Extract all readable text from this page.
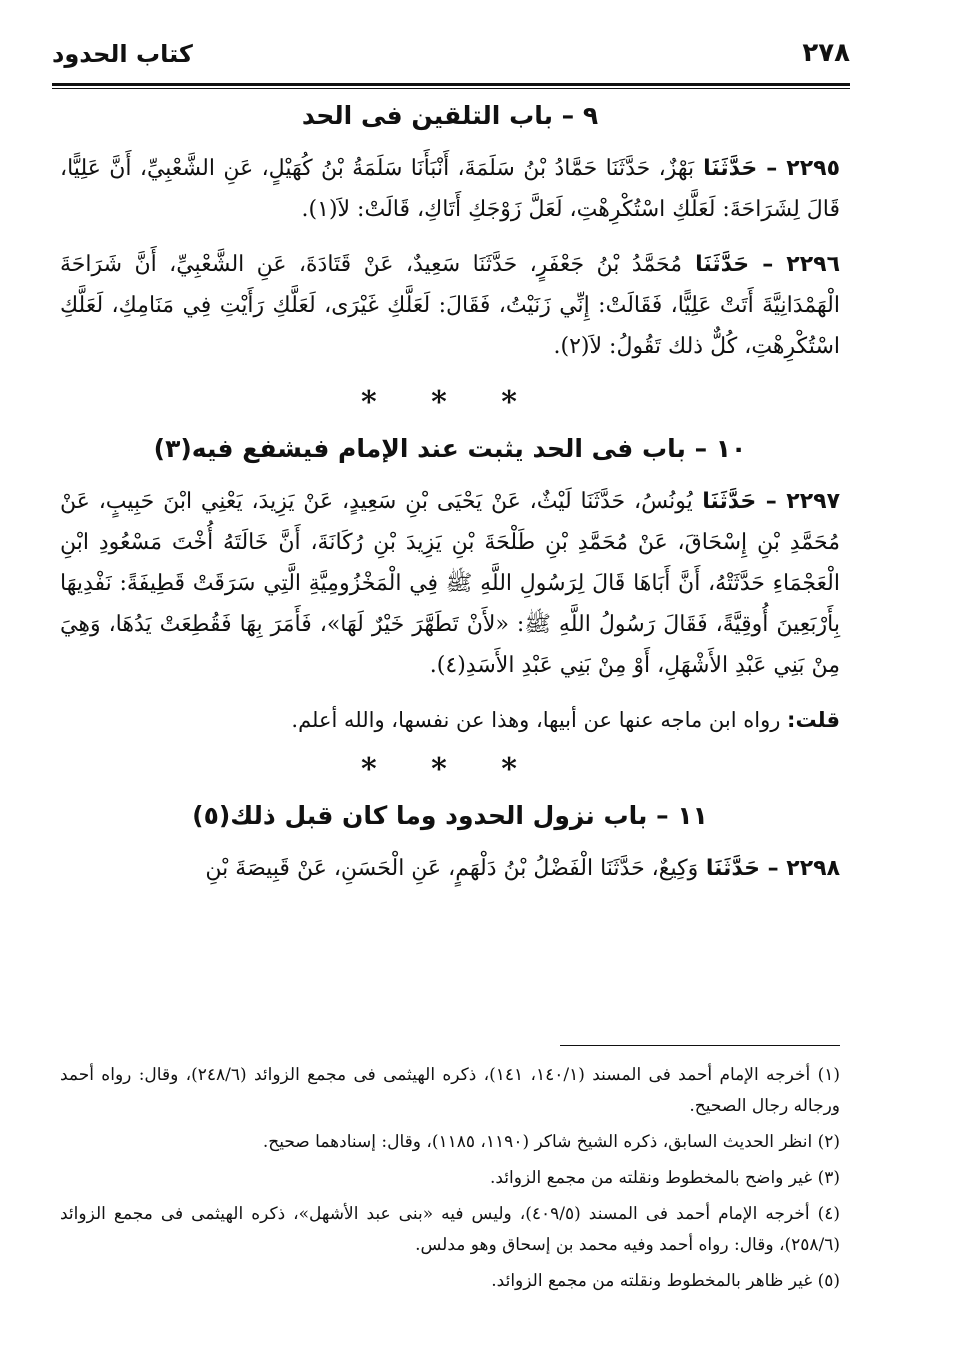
٢٧٨
كتاب الحدود
٩ – باب التلقين فى الحد

٢٢٩٥ – حَدَّثَنَا بَهْزٌ، حَدَّثَنَا حَمَّادُ بْنُ سَلَمَةَ، أَنْبَأَنَا سَلَمَةُ بْنُ كُهَيْلٍ، عَنِ الشَّعْبِيِّ، أَنَّ عَلِيًّا، قَالَ لِشَرَاحَةَ: لَعَلَّكِ اسْتُكْرِهْتِ، لَعَلَّ زَوْجَكِ أَتَاكِ، قَالَتْ: لاَ(١).

٢٢٩٦ – حَدَّثَنَا مُحَمَّدُ بْنُ جَعْفَرٍ، حَدَّثَنَا سَعِيدٌ، عَنْ قَتَادَةَ، عَنِ الشَّعْبِيِّ، أَنَّ شَرَاحَةَ الْهَمْدَانِيَّةَ أَتَتْ عَلِيًّا، فَقَالَتْ: إِنِّي زَنَيْتُ، فَقَالَ: لَعَلَّكِ غَيْرَى، لَعَلَّكِ رَأَيْتِ فِي مَنَامِكِ، لَعَلَّكِ اسْتُكْرِهْتِ، كُلٌّ ذلك تَقُولُ: لاَ(٢).

* * *

١٠ – باب فى الحد يثبت عند الإمام فيشفع فيه(٣)

٢٢٩٧ – حَدَّثَنَا يُونُسُ، حَدَّثَنَا لَيْثٌ، عَنْ يَحْيَى بْنِ سَعِيدٍ، عَنْ يَزِيدَ، يَعْنِي ابْنَ حَبِيبٍ، عَنْ مُحَمَّدِ بْنِ إِسْحَاقَ، عَنْ مُحَمَّدِ بْنِ طَلْحَةَ بْنِ يَزِيدَ بْنِ رُكَانَةَ، أَنَّ خَالَتَهُ أُخْتَ مَسْعُودِ ابْنِ الْعَجْمَاءِ حَدَّثَتْهُ، أَنَّ أَبَاهَا قَالَ لِرَسُولِ اللَّهِ ﷺ فِي الْمَخْزُومِيَّةِ الَّتِي سَرَقَتْ قَطِيفَةً: نَفْدِيهَا بِأَرْبَعِينَ أُوقِيَّةً، فَقَالَ رَسُولُ اللَّهِ ﷺ: «لأَنْ تَطَهَّرَ خَيْرٌ لَهَا»، فَأَمَرَ بِهَا فَقُطِعَتْ يَدُهَا، وَهِيَ مِنْ بَنِي عَبْدِ الأَشْهَلِ، أَوْ مِنْ بَنِي عَبْدِ الأَسَدِ(٤).

قلت: رواه ابن ماجه عنها عن أبيها، وهذا عن نفسها، والله أعلم.

* * *

١١ – باب نزول الحدود وما كان قبل ذلك(٥)

٢٢٩٨ – حَدَّثَنَا وَكِيعٌ، حَدَّثَنَا الْفَضْلُ بْنُ دَلْهَمٍ، عَنِ الْحَسَنِ، عَنْ قَبِيصَةَ بْنِ

(١) أخرجه الإمام أحمد فى المسند (١٤٠/١، ١٤١)، ذكره الهيثمى فى مجمع الزوائد (٢٤٨/٦)، وقال: رواه أحمد ورجاله رجال الصحيح.

(٢) انظر الحديث السابق، ذكره الشيخ شاكر (١١٩٠، ١١٨٥)، وقال: إسنادهما صحيح.

(٣) غير واضح بالمخطوط ونقلته من مجمع الزوائد.

(٤) أخرجه الإمام أحمد فى المسند (٤٠٩/٥)، وليس فيه «بنى عبد الأشهل»، ذكره الهيثمى فى مجمع الزوائد (٢٥٨/٦)، وقال: رواه أحمد وفيه محمد بن إسحاق وهو مدلس.

(٥) غير ظاهر بالمخطوط ونقلته من مجمع الزوائد.
